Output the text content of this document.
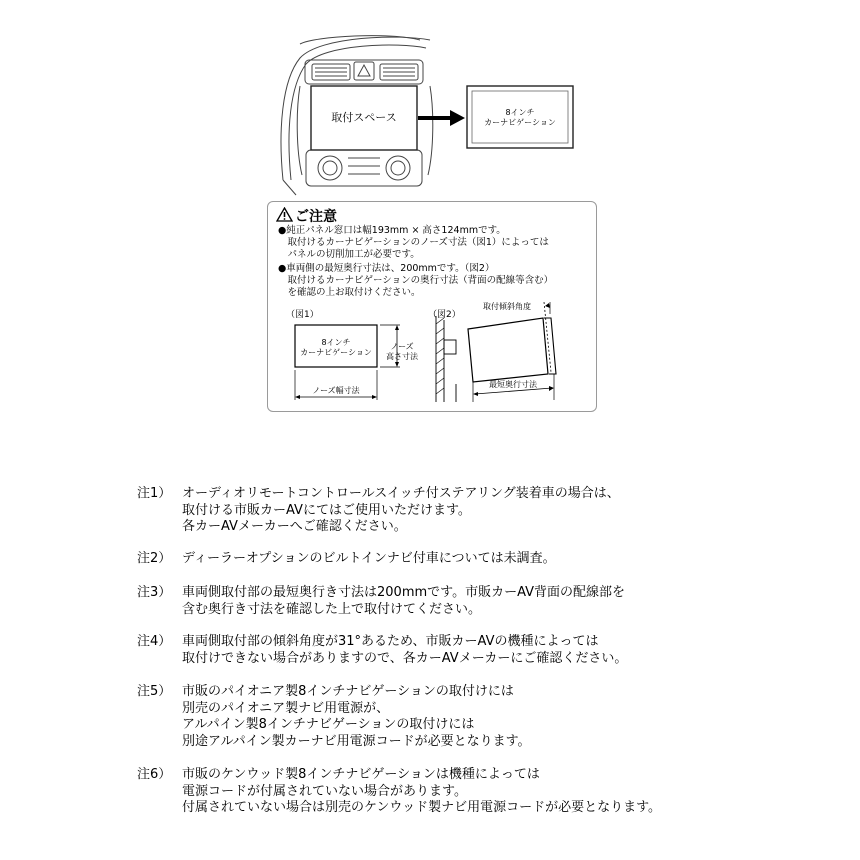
取付スペース	8インチ
カーナビゲーション
ご注意
●純正パネル窓口は幅193mm × 高さ124mmです。
　取付けるカーナビゲーションのノーズ寸法（図1）によっては
　パネルの切削加工が必要です。
●車両側の最短奥行寸法は、200mmです。（図2）
　取付けるカーナビゲーションの奥行寸法（背面の配線等含む）
　を確認の上お取付けください。
（図1）
8インチ
カーナビゲーション
ノーズ
高さ寸法
ノーズ幅寸法
（図2）
取付傾斜角度
最短奥行寸法
注1） オーディオリモートコントロールスイッチ付ステアリング装着車の場合は、
取付ける市販カーAVにてはご使用いただけます。
各カーAVメーカーへご確認ください。
注2） ディーラーオプションのビルトインナビ付車については未調査。
注3） 車両側取付部の最短奥行き寸法は200mmです。市販カーAV背面の配線部を
含む奥行き寸法を確認した上で取付けてください。
注4） 車両側取付部の傾斜角度が31°あるため、市販カーAVの機種によっては
取付けできない場合がありますので、各カーAVメーカーにご確認ください。
注5） 市販のパイオニア製8インチナビゲーションの取付けには
別売のパイオニア製ナビ用電源が、
アルパイン製8インチナビゲーションの取付けには
別途アルパイン製カーナビ用電源コードが必要となります。
注6） 市販のケンウッド製8インチナビゲーションは機種によっては
電源コードが付属されていない場合があります。
付属されていない場合は別売のケンウッド製ナビ用電源コードが必要となります。
